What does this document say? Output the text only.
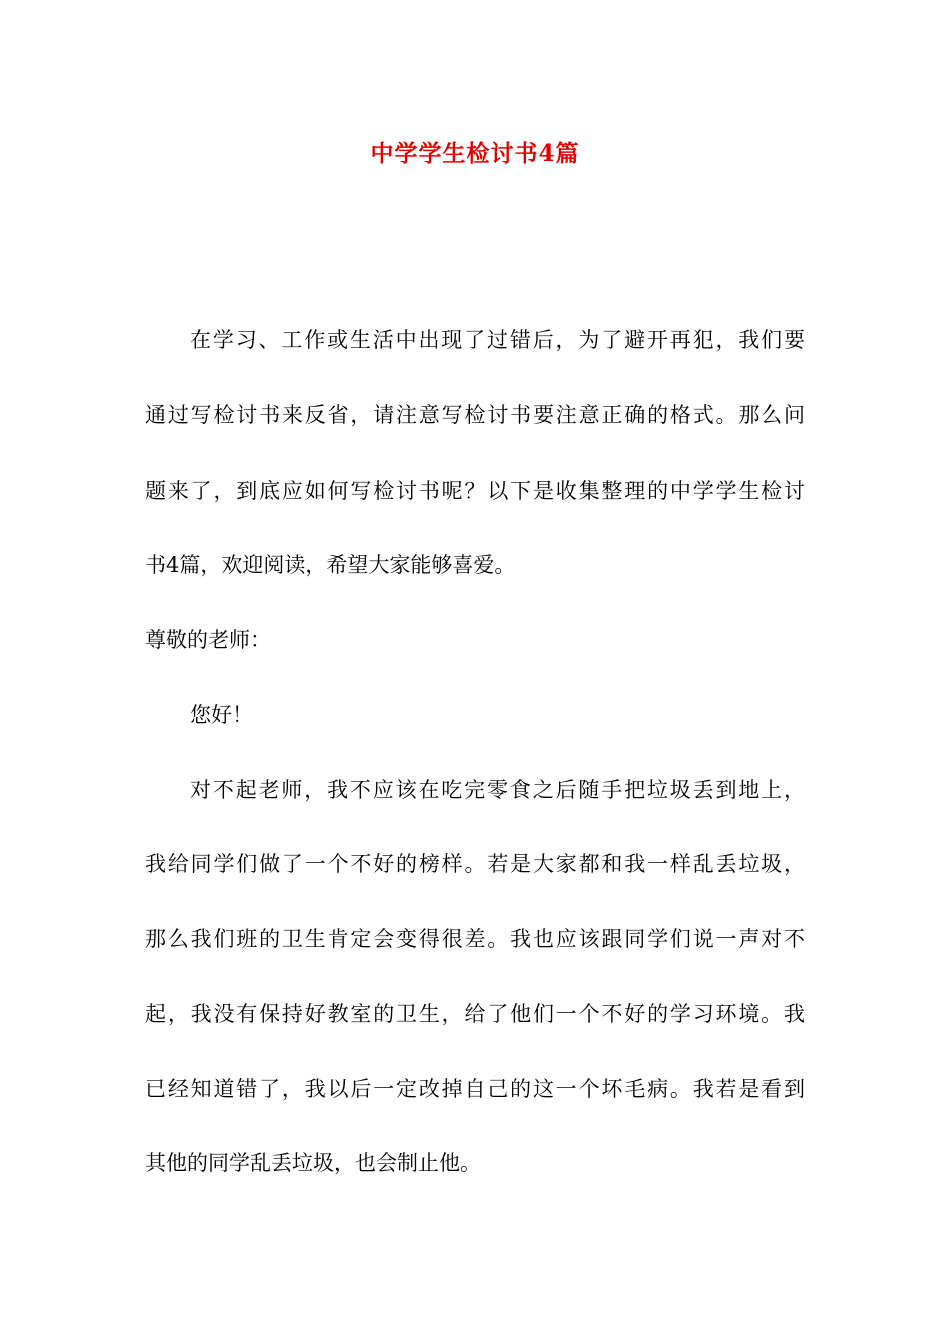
中学学生检讨书4篇

在学习、工作或生活中出现了过错后，为了避开再犯，我们要

通过写检讨书来反省，请注意写检讨书要注意正确的格式。那么问

题来了，到底应如何写检讨书呢？以下是收集整理的中学学生检讨

书4篇，欢迎阅读，希望大家能够喜爱。

尊敬的老师：

您好！

对不起老师，我不应该在吃完零食之后随手把垃圾丢到地上，

我给同学们做了一个不好的榜样。若是大家都和我一样乱丢垃圾，

那么我们班的卫生肯定会变得很差。我也应该跟同学们说一声对不

起，我没有保持好教室的卫生，给了他们一个不好的学习环境。我

已经知道错了，我以后一定改掉自己的这一个坏毛病。我若是看到

其他的同学乱丢垃圾，也会制止他。
